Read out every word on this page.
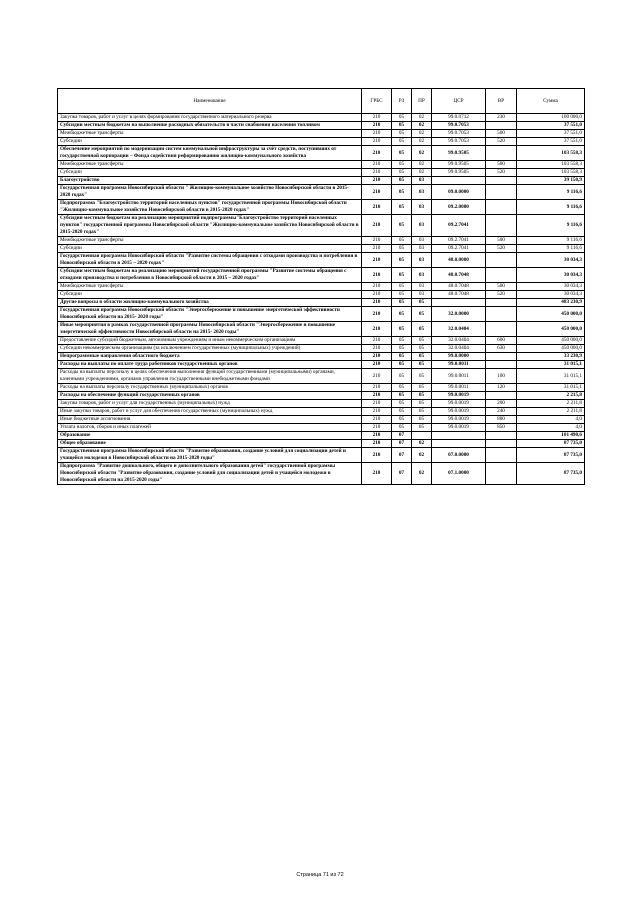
Наименование	ГРБС	РЗ	ПР	ЦСР	ВР	Сумма
Закупка товаров, работ и услуг в целях формирования государственного материального резерва	210	05	02	99.0.0712	230	100 000,0
Субсидии местным бюджетам на выполнение расходных обязательств в части снабжения населения топливом	210	05	02	99.0.7053		37 551,0
Межбюджетные трансферты	210	05	02	99.0.7053	500	37 551,0
Субсидии	210	05	02	99.0.7053	520	37 551,0
Обеспечение мероприятий по модернизации систем коммунальной инфраструктуры за счёт средств, поступивших от государственной корпорации – Фонда содействия реформированию жилищно-коммунального хозяйства	210	05	02	99.0.9505		103 558,3
Межбюджетные трансферты	210	05	02	99.0.9505	500	103 558,3
Субсидии	210	05	02	99.0.9505	520	103 558,3
Благоустройство	210	05	03			39 150,9
Государственная программа Новосибирской области " Жилищно-коммунальное хозяйство Новосибирской области в 2015-2020 годах"	210	05	03	09.0.0000		9 116,6
Подпрограмма "Благоустройство территорий населенных пунктов" государственной программы Новосибирской области "Жилищно-коммунальное хозяйство Новосибирской области в 2015-2020 годах"	210	05	03	09.2.0000		9 116,6
Субсидии местным бюджетам на реализацию мероприятий подпрограммы"Благоустройство территорий населенных пунктов" государственной программы Новосибирской области "Жилищно-коммунальное хозяйство Новосибирской области в 2015-2020 годах"	210	05	03	09.2.7041		9 116,6
Межбюджетные трансферты	210	05	03	09.2.7041	500	9 116,6
Субсидии	210	05	03	09.2.7041	520	9 116,6
Государственная программа Новосибирской области "Развитие системы обращения с отходами производства и потребления в Новосибирской области в 2015 – 2020 годах"	210	05	03	48.0.0000		30 034,3
Субсидии местным бюджетам на реализацию мероприятий государственной программы "Развитие системы обращения с отходами производства и потребления в Новосибирской области в 2015 – 2020 годах"	210	05	03	48.0.7048		30 034,3
Межбюджетные трансферты	210	05	03	48.0.7048	500	30 034,3
Субсидии	210	05	03	48.0.7048	520	30 034,3
Другие вопросы в области жилищно-коммунального хозяйства	210	05	05			483 230,9
Государственная программа Новосибирской области "Энергосбережение и повышение энергетической эффективности Новосибирской области на 2015- 2020 годы"	210	05	05	32.0.0000		450 000,0
Иные мероприятия в рамках государственной программы Новосибирской области "Энергосбережение и повышение энергетической эффективности Новосибирской области на 2015- 2020 годы"	210	05	05	32.0.0404		450 000,0
Предоставление субсидий бюджетным, автономным учреждениям и иным некоммерческим организациям	210	05	05	32.0.0404	600	450 000,0
Субсидии некоммерческим организациям (за исключением государственных (муниципальных) учреждений)	210	05	05	32.0.0404	630	450 000,0
Непрограммные направления областного бюджета	210	05	05	99.0.0000		33 230,9
Расходы на выплаты по оплате труда работников государственных органов	210	05	05	99.0.0011		31 015,1
Расходы на выплаты персоналу в целях обеспечения выполнения функций государственными (муниципальными) органами, казенными учреждениями, органами управления государственными внебюджетными фондами	210	05	05	99.0.0011	100	31 015,1
Расходы на выплаты персоналу государственных (муниципальных) органов	210	05	05	99.0.0011	120	31 015,1
Расходы на обеспечение функций государственных органов	210	05	05	99.0.0019		2 215,8
Закупка товаров, работ и услуг для государственных (муниципальных) нужд	210	05	05	99.0.0019	200	2 211,8
Иные закупки товаров, работ и услуг для обеспечения государственных (муниципальных) нужд	210	05	05	99.0.0019	240	2 211,8
Иные бюджетные ассигнования	210	05	05	99.0.0019	800	4,0
Уплата налогов, сборов и иных платежей	210	05	05	99.0.0019	850	4,0
Образование	210	07				101 490,6
Общее образование	210	07	02			87 735,0
Государственная программа Новосибирской области "Развитие образования, создание условий для социализации детей и учащейся молодежи в Новосибирской области на 2015-2020 годы"	210	07	02	07.0.0000		87 735,0
Подпрограмма "Развитие дошкольного, общего и дополнительного образования детей" государственной программы Новосибирской области "Развитие образования, создание условий для социализации детей и учащейся молодежи в Новосибирской области на 2015-2020 годы"	210	07	02	07.1.0000		87 735,0
Страница 71 из 72
